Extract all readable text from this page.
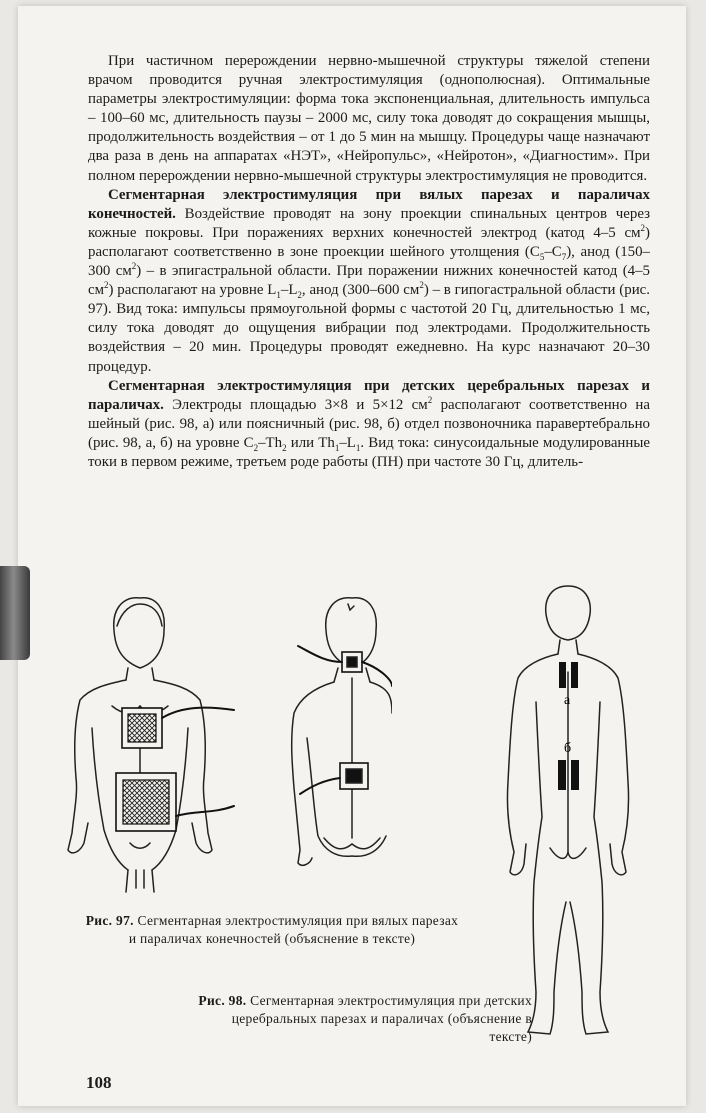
При частичном перерождении нервно-мышечной структуры тяжелой степени врачом проводится ручная электростимуляция (однополюсная). Оптимальные параметры электростимуляции: форма тока экспоненциальная, длительность импульса – 100–60 мс, длительность паузы – 2000 мс, силу тока доводят до сокращения мышцы, продолжительность воздействия – от 1 до 5 мин на мышцу. Процедуры чаще назначают два раза в день на аппаратах «НЭТ», «Нейропульс», «Нейротон», «Диагностим». При полном перерождении нервно-мышечной структуры электростимуляция не проводится.

Сегментарная электростимуляция при вялых парезах и параличах конечностей. Воздействие проводят на зону проекции спинальных центров через кожные покровы. При поражениях верхних конечностей электрод (катод 4–5 $см^2$) располагают соответственно в зоне проекции шейного утолщения $(C_5-C_7)$, анод (150–300 $см^2$) – в эпигастральной области. При поражении нижних конечностей катод (4–5 $см^2$) располагают на уровне $L_1-L_2$, анод (300–600 $см^2$) – в гипогастральной области (рис. 97). Вид тока: импульсы прямоугольной формы с частотой 20 Гц, длительностью 1 мс, силу тока доводят до ощущения вибрации под электродами. Продолжительность воздействия – 20 мин. Процедуры проводят ежедневно. На курс назначают 20–30 процедур.

Сегментарная электростимуляция при детских церебральных парезах и параличах. Электроды площадью 3×8 и 5×12 $см^2$ располагают соответственно на шейный (рис. 98, а) или поясничный (рис. 98, б) отдел позвоночника паравертебрально (рис. 98, а, б) на уровне $C_2-Th_2$ или $Th_1-L_1$. Вид тока: синусоидальные модулированные токи в первом режиме, третьем роде работы (ПН) при частоте 30 Гц, длитель-

а
б
Рис. 97. Сегментарная электростимуляция при вялых парезах и параличах конечностей (объяснение в тексте)
Рис. 98. Сегментарная электростимуляция при детских церебральных парезах и параличах (объяснение в тексте)
108
